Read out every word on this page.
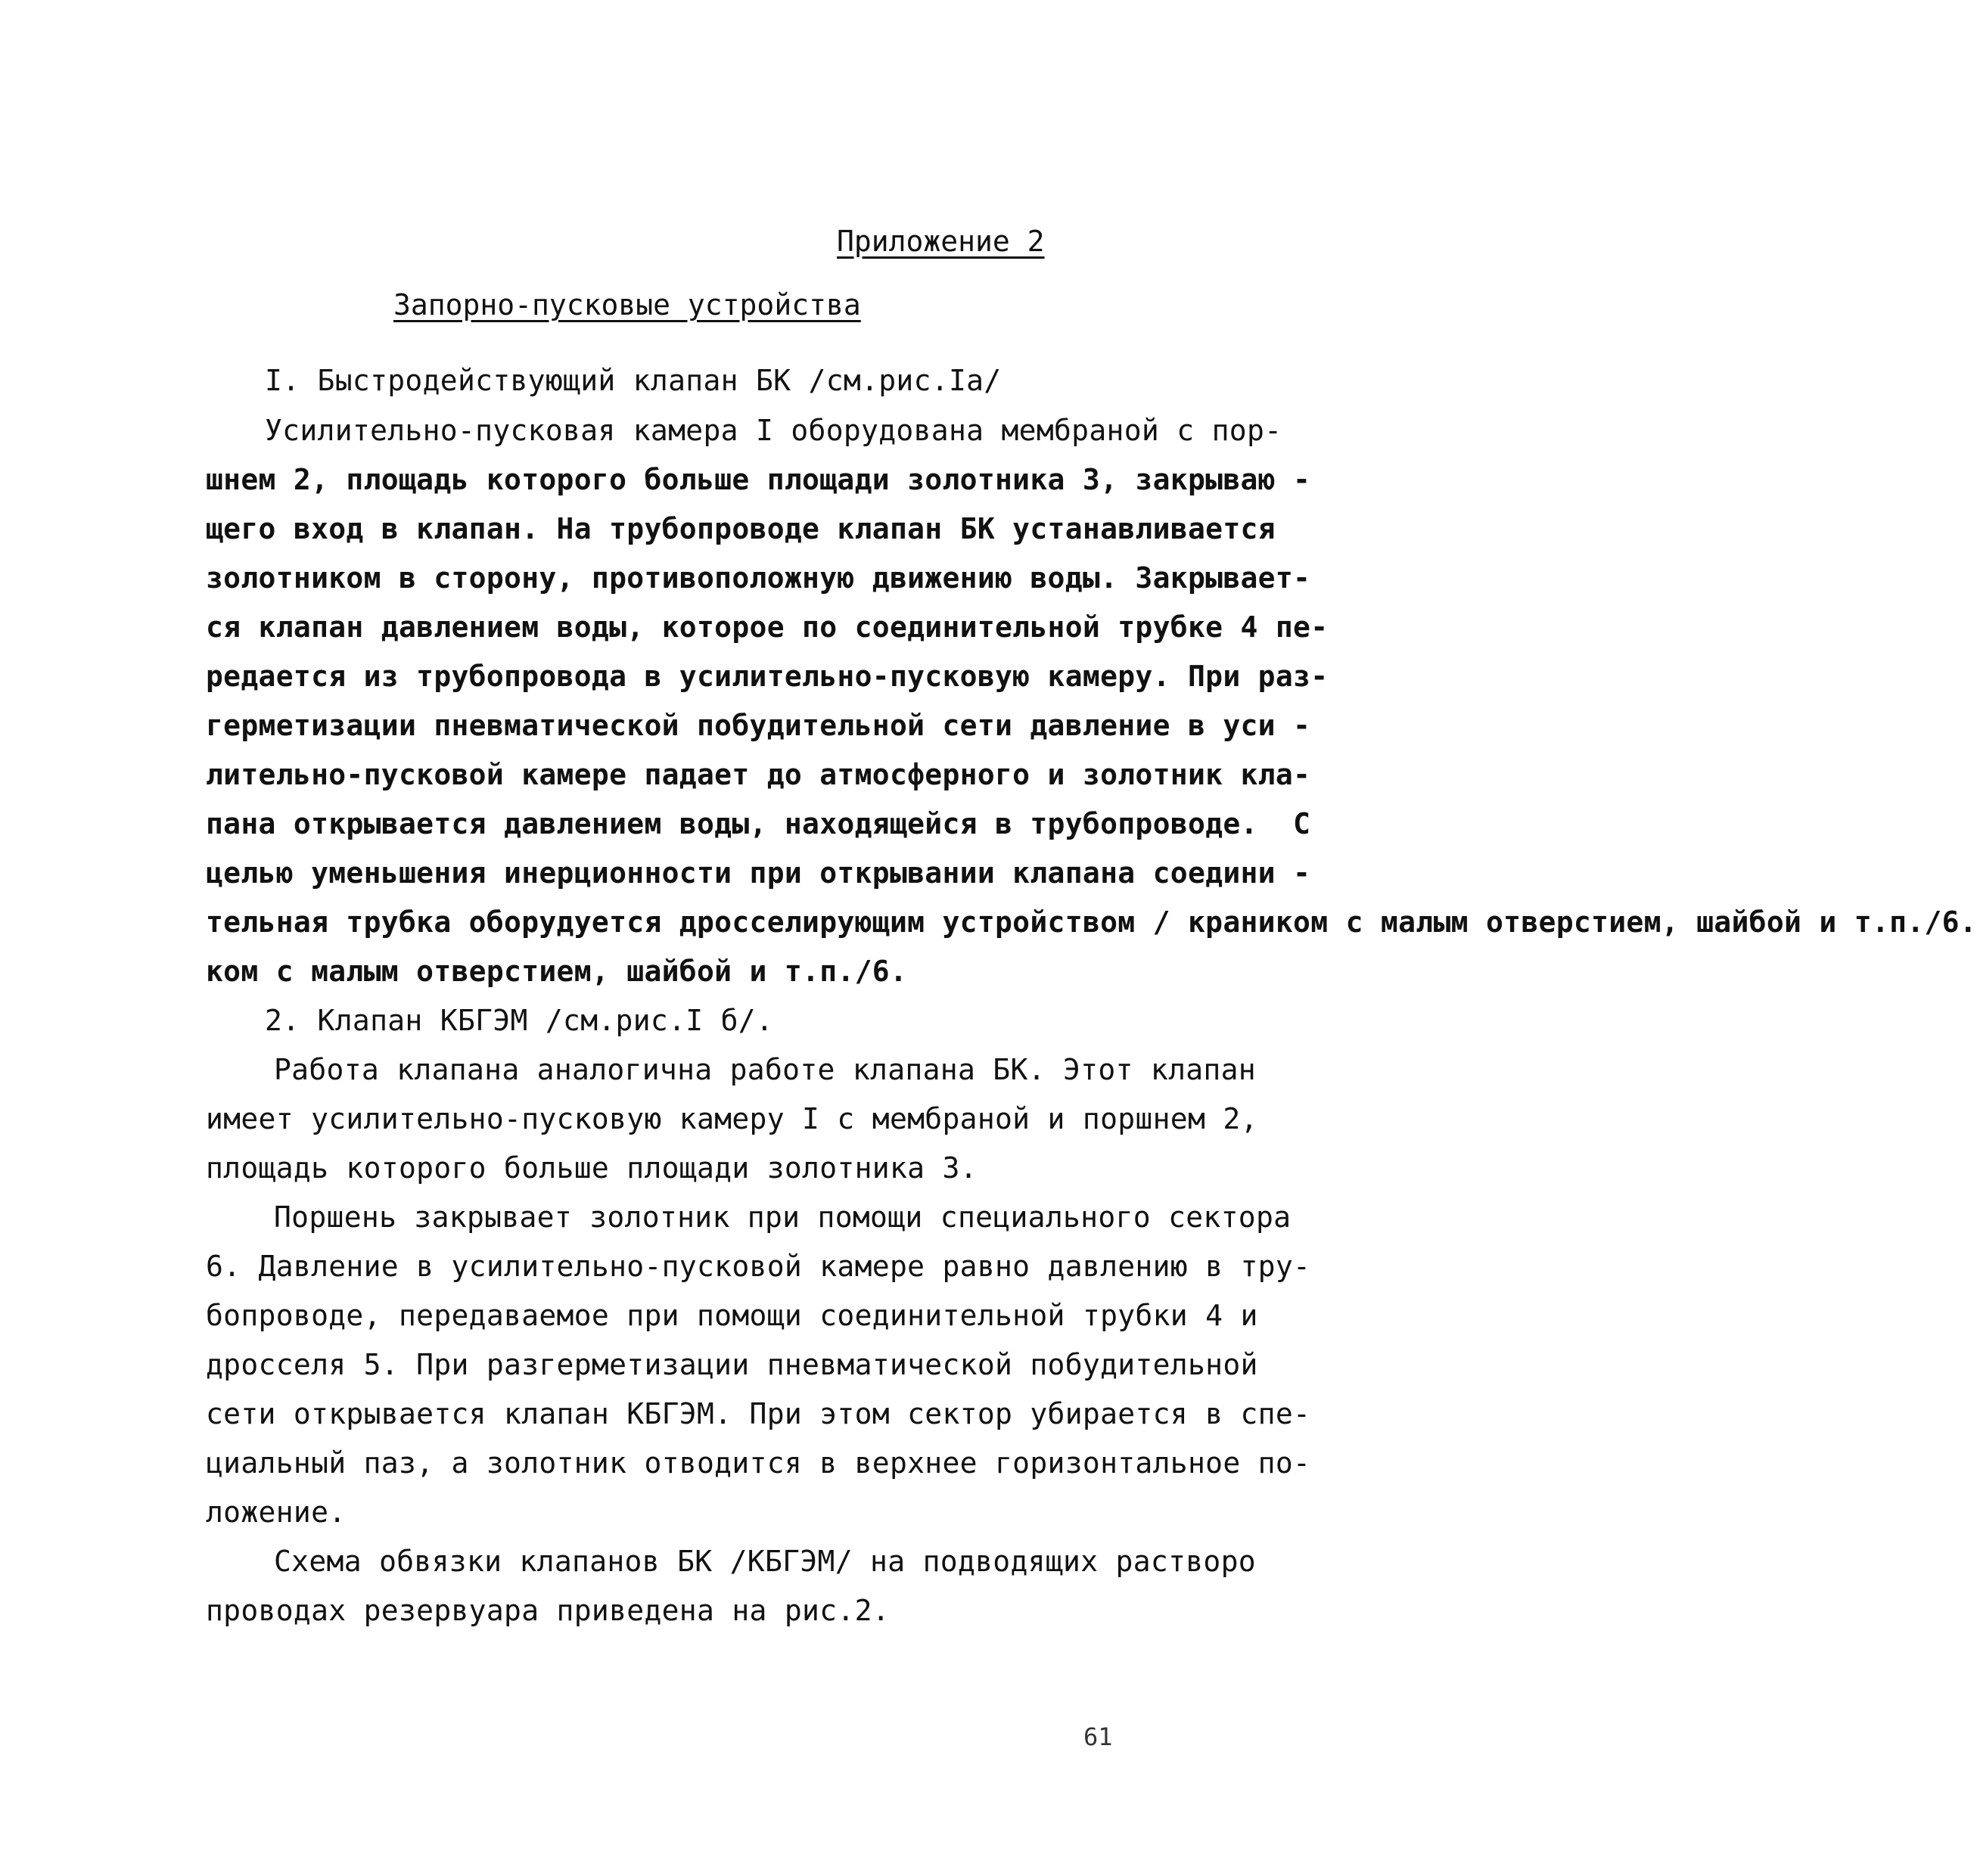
Приложение 2
Запорно-пусковые устройства
I. Быстродействующий клапан БК /см.рис.Iа/
Усилительно-пусковая камера I оборудована мембраной с пор-
шнем 2, площадь которого больше площади золотника 3, закрываю -
щего вход в клапан. На трубопроводе клапан БК устанавливается
золотником в сторону, противоположную движению воды. Закрывает-
ся клапан давлением воды, которое по соединительной трубке 4 пе-
редается из трубопровода в усилительно-пусковую камеру. При раз-
герметизации пневматической побудительной сети давление в уси -
лительно-пусковой камере падает до атмосферного и золотник кла-
пана открывается давлением воды, находящейся в трубопроводе.  С
целью уменьшения инерционности при открывании клапана соедини -
тельная трубка оборудуется дросселирующим устройством / краником с малым отверстием, шайбой и т.п./6.
ком с малым отверстием, шайбой и т.п./6.
2. Клапан КБГЭМ /см.рис.I б/.
Работа клапана аналогична работе клапана БК. Этот клапан
имеет усилительно-пусковую камеру I с мембраной и поршнем 2,
площадь которого больше площади золотника 3.
Поршень закрывает золотник при помощи специального сектора
6. Давление в усилительно-пусковой камере равно давлению в тру-
бопроводе, передаваемое при помощи соединительной трубки 4 и
дросселя 5. При разгерметизации пневматической побудительной
сети открывается клапан КБГЭМ. При этом сектор убирается в спе-
циальный паз, а золотник отводится в верхнее горизонтальное по-
ложение.
Схема обвязки клапанов БК /КБГЭМ/ на подводящих растворо
проводах резервуара приведена на рис.2.
61
